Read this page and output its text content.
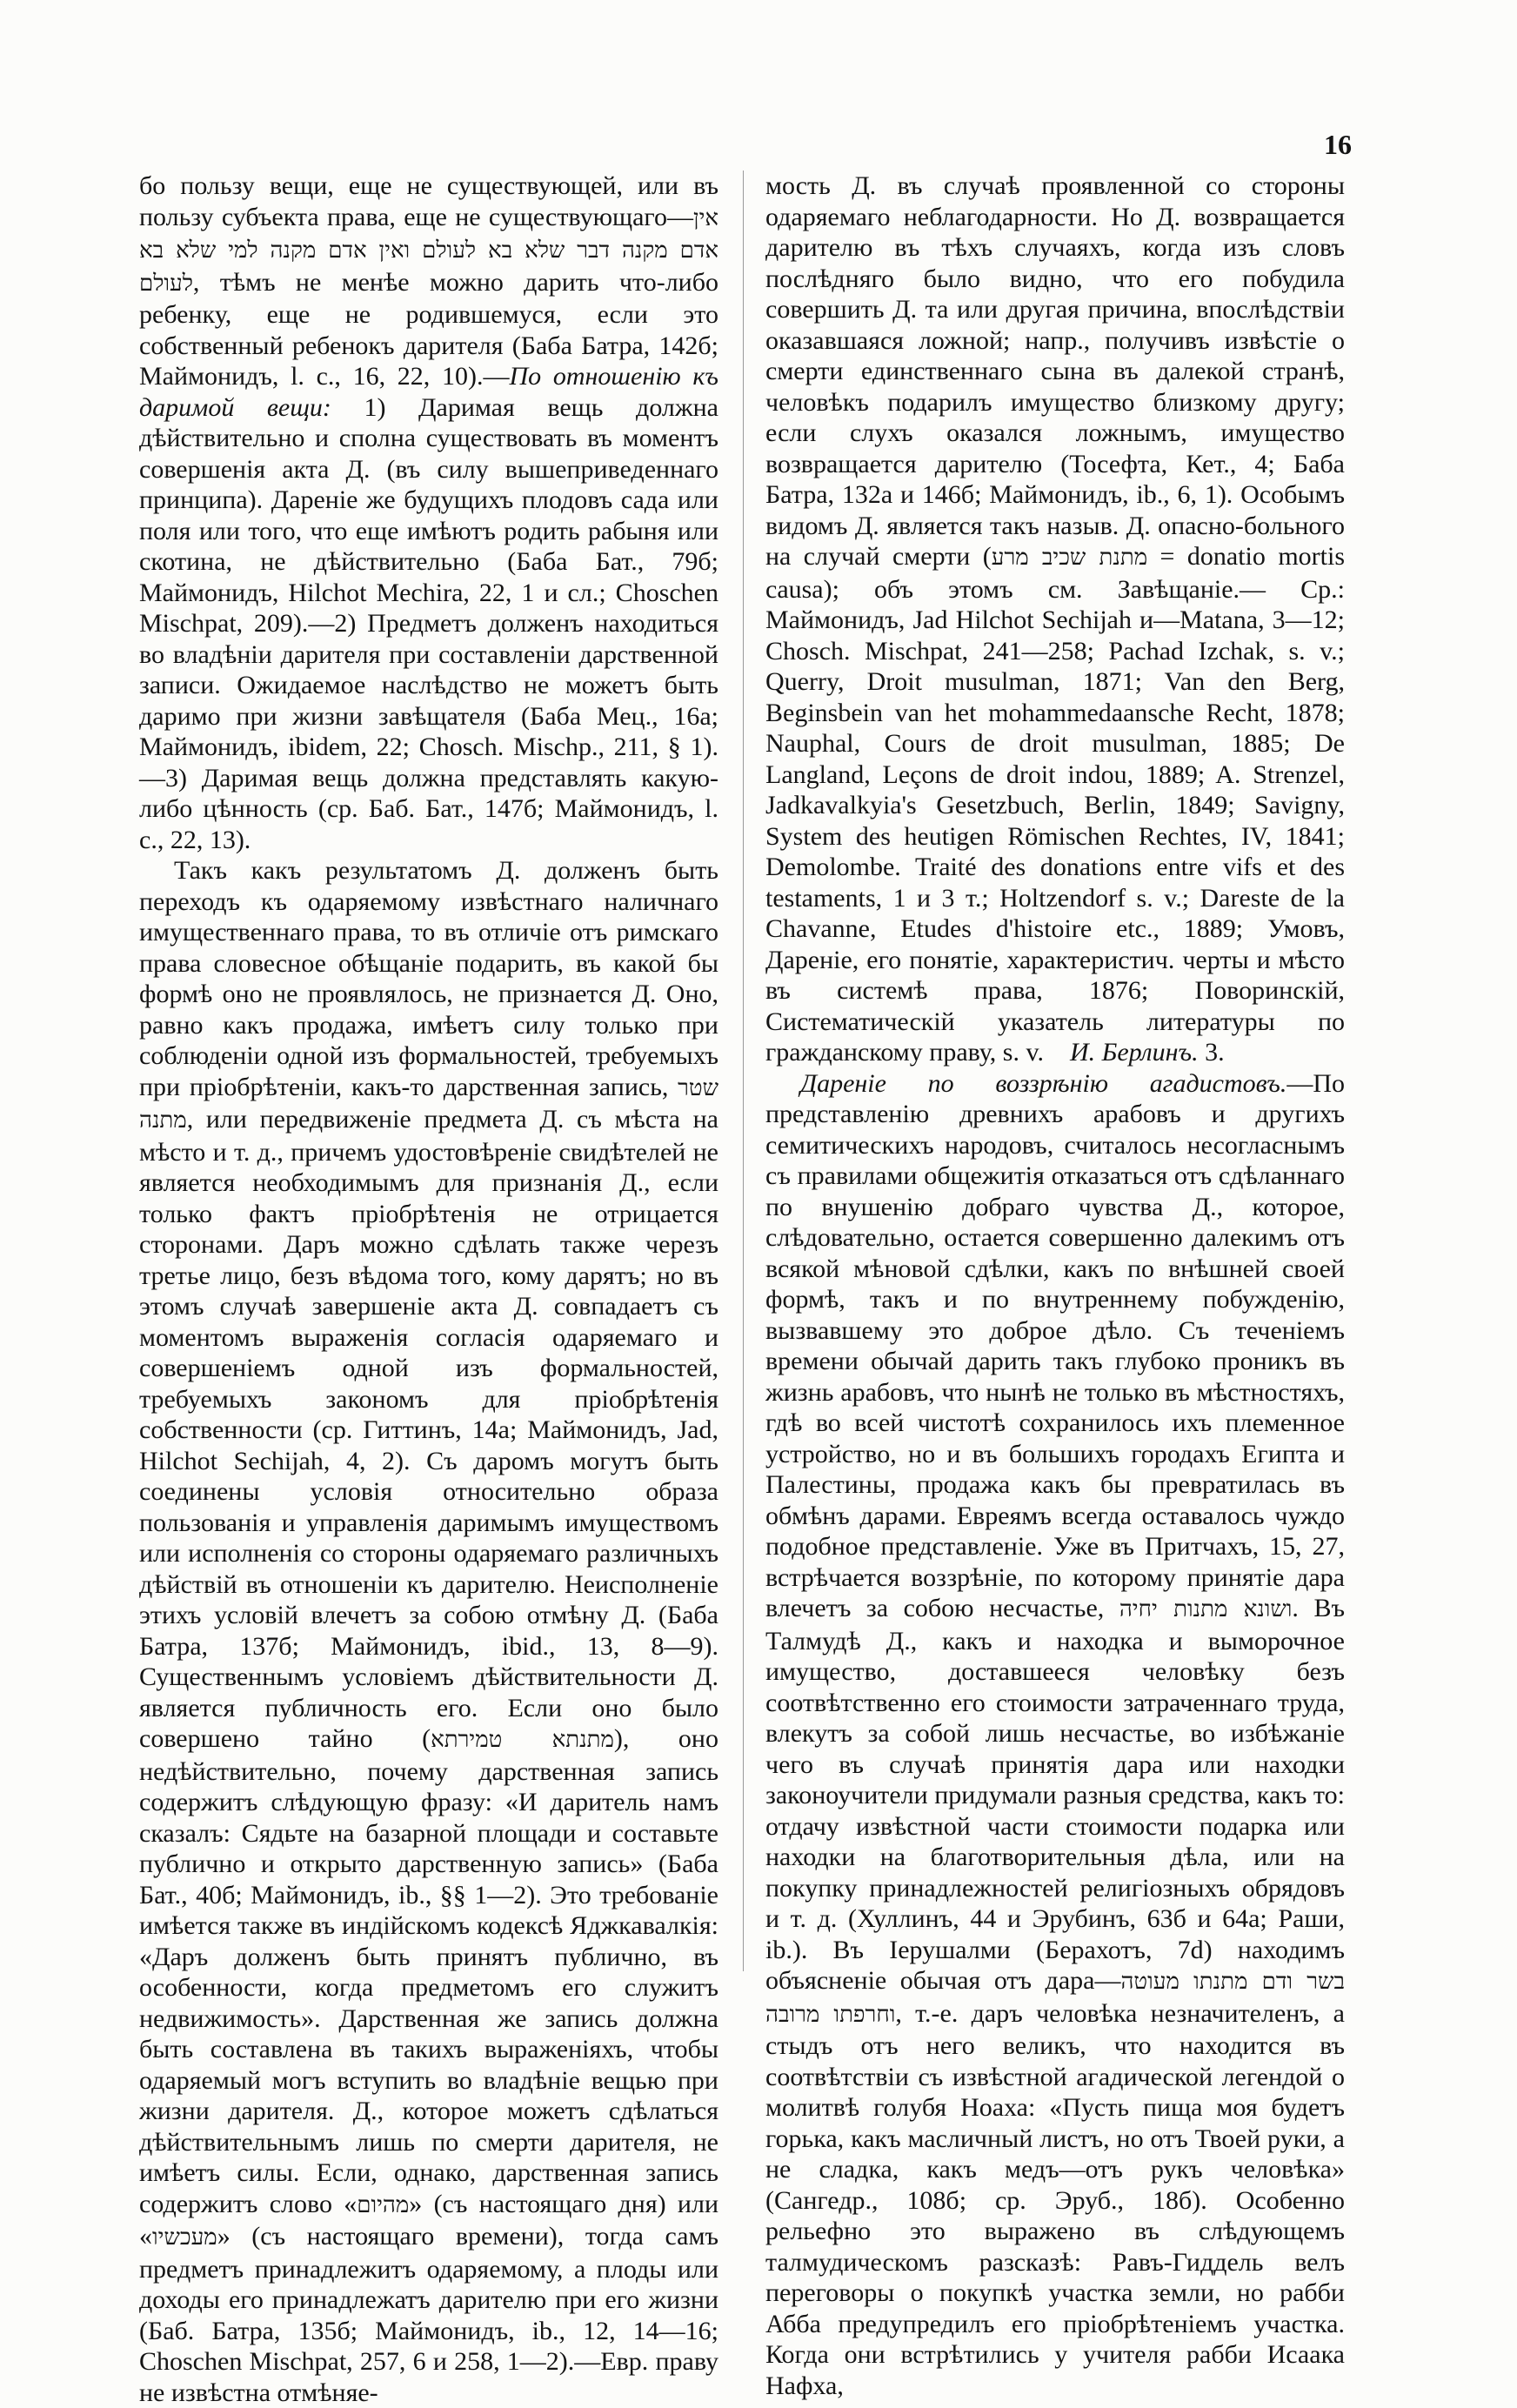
16

бо пользу вещи, еще не существующей, или въ пользу субъекта права, еще не существующаго—אין אדם מקנה דבר שלא בא לעולם ואין אדם מקנה למי שלא בא לעולם, тѣмъ не менѣе можно дарить что-либо ребенку, еще не родившемуся, если это собственный ребенокъ дарителя (Баба Батра, 142б; Маймонидъ, l. c., 16, 22, 10).—По отношенію къ даримой вещи: 1) Даримая вещь должна дѣйствительно и сполна существовать въ моментъ совершенія акта Д. (въ силу вышеприведеннаго принципа). Дареніе же будущихъ плодовъ сада или поля или того, что еще имѣютъ родить рабыня или скотина, не дѣйствительно (Баба Бат., 79б; Маймонидъ, Hilchot Mechira, 22, 1 и сл.; Choschen Mischpat, 209).—2) Предметъ долженъ находиться во владѣніи дарителя при составленіи дарственной записи. Ожидаемое наслѣдство не можетъ быть даримо при жизни завѣщателя (Баба Мец., 16а; Маймонидъ, ibidem, 22; Chosch. Mischp., 211, § 1).—3) Даримая вещь должна представлять какую-либо цѣнность (ср. Баб. Бат., 147б; Маймонидъ, l. c., 22, 13).

Такъ какъ результатомъ Д. долженъ быть переходъ къ одаряемому извѣстнаго наличнаго имущественнаго права, то въ отличіе отъ римскаго права словесное обѣщаніе подарить, въ какой бы формѣ оно не проявлялось, не признается Д. Оно, равно какъ продажа, имѣетъ силу только при соблюденіи одной изъ формальностей, требуемыхъ при пріобрѣтеніи, какъ-то дарственная запись, שטר מתנה, или передвиженіе предмета Д. съ мѣста на мѣсто и т. д., причемъ удостовѣреніе свидѣтелей не является необходимымъ для признанія Д., если только фактъ пріобрѣтенія не отрицается сторонами. Даръ можно сдѣлать также черезъ третье лицо, безъ вѣдома того, кому дарятъ; но въ этомъ случаѣ завершеніе акта Д. совпадаетъ съ моментомъ выраженія согласія одаряемаго и совершеніемъ одной изъ формальностей, требуемыхъ закономъ для пріобрѣтенія собственности (ср. Гиттинъ, 14а; Маймонидъ, Jad, Hilchot Sechijah, 4, 2). Съ даромъ могутъ быть соединены условія относительно образа пользованія и управленія даримымъ имуществомъ или исполненія со стороны одаряемаго различныхъ дѣйствій въ отношеніи къ дарителю. Неисполненіе этихъ условій влечетъ за собою отмѣну Д. (Баба Батра, 137б; Маймонидъ, ibid., 13, 8—9). Существеннымъ условіемъ дѣйствительности Д. является публичность его. Если оно было совершено тайно (מתנתא טמירתא), оно недѣйствительно, почему дарственная запись содержитъ слѣдующую фразу: «И даритель намъ сказалъ: Сядьте на базарной площади и составьте публично и открыто дарственную запись» (Баба Бат., 40б; Маймонидъ, ib., §§ 1—2). Это требованіе имѣется также въ индійскомъ кодексѣ Яджкавалкія: «Даръ долженъ быть принятъ публично, въ особенности, когда предметомъ его служитъ недвижимость». Дарственная же запись должна быть составлена въ такихъ выраженіяхъ, чтобы одаряемый могъ вступить во владѣніе вещью при жизни дарителя. Д., которое можетъ сдѣлаться дѣйствительнымъ лишь по смерти дарителя, не имѣетъ силы. Если, однако, дарственная запись содержитъ слово «מהיום» (съ настоящаго дня) или «מעכשיו» (съ настоящаго времени), тогда самъ предметъ принадлежитъ одаряемому, а плоды или доходы его принадлежатъ дарителю при его жизни (Баб. Батра, 135б; Маймонидъ, ib., 12, 14—16; Choschen Mischpat, 257, 6 и 258, 1—2).—Евр. праву не извѣстна отмѣняе-

мость Д. въ случаѣ проявленной со стороны одаряемаго неблагодарности. Но Д. возвращается дарителю въ тѣхъ случаяхъ, когда изъ словъ послѣдняго было видно, что его побудила совершить Д. та или другая причина, впослѣдствіи оказавшаяся ложной; напр., получивъ извѣстіе о смерти единственнаго сына въ далекой странѣ, человѣкъ подарилъ имущество близкому другу; если слухъ оказался ложнымъ, имущество возвращается дарителю (Тосефта, Кет., 4; Баба Батра, 132а и 146б; Маймонидъ, ib., 6, 1). Особымъ видомъ Д. является такъ назыв. Д. опасно-больного на случай смерти (מתנת שכיב מרע = donatio mortis causa); объ этомъ см. Завѣщаніе.— Ср.: Маймонидъ, Jad Hilchot Sechijah и—Matana, 3—12; Chosch. Mischpat, 241—258; Pachad Izchak, s. v.; Querry, Droit musulman, 1871; Van den Berg, Beginsbein van het mohammedaansche Recht, 1878; Nauphal, Cours de droit musulman, 1885; De Langland, Leçons de droit indou, 1889; A. Strenzel, Jadkavalkyia's Gesetzbuch, Berlin, 1849; Savigny, System des heutigen Römischen Rechtes, IV, 1841; Demolombe. Traité des donations entre vifs et des testaments, 1 и 3 т.; Holtzendorf s. v.; Dareste de la Chavanne, Etudes d'histoire etc., 1889; Умовъ, Дареніе, его понятіе, характеристич. черты и мѣсто въ системѣ права, 1876; Поворинскій, Систематическій указатель литературы по гражданскому праву, s. v. И. Берлинъ. 3.

Дареніе по воззрѣнію агадистовъ.—По представленію древнихъ арабовъ и другихъ семитическихъ народовъ, считалось несогласнымъ съ правилами общежитія отказаться отъ сдѣланнаго по внушенію добраго чувства Д., которое, слѣдовательно, остается совершенно далекимъ отъ всякой мѣновой сдѣлки, какъ по внѣшней своей формѣ, такъ и по внутреннему побужденію, вызвавшему это доброе дѣло. Съ теченіемъ времени обычай дарить такъ глубоко проникъ въ жизнь арабовъ, что нынѣ не только въ мѣстностяхъ, гдѣ во всей чистотѣ сохранилось ихъ племенное устройство, но и въ большихъ городахъ Египта и Палестины, продажа какъ бы превратилась въ обмѣнъ дарами. Евреямъ всегда оставалось чуждо подобное представленіе. Уже въ Притчахъ, 15, 27, встрѣчается воззрѣніе, по которому принятіе дара влечетъ за собою несчастье, ושונא מתנות יחיה. Въ Талмудѣ Д., какъ и находка и выморочное имущество, доставшееся человѣку безъ соотвѣтственно его стоимости затраченнаго труда, влекутъ за собой лишь несчастье, во избѣжаніе чего въ случаѣ принятія дара или находки законоучители придумали разныя средства, какъ то: отдачу извѣстной части стоимости подарка или находки на благотворительныя дѣла, или на покупку принадлежностей религіозныхъ обрядовъ и т. д. (Хуллинъ, 44 и Эрубинъ, 63б и 64а; Раши, ib.). Въ Іерушалми (Берахотъ, 7d) находимъ объясненіе обычая отъ дара—בשר ודם מתנתו מעוטה וחרפתו מרובה, т.-е. даръ человѣка незначителенъ, а стыдъ отъ него великъ, что находится въ соотвѣтствіи съ извѣстной агадической легендой о молитвѣ голубя Ноаха: «Пусть пища моя будетъ горька, какъ масличный листъ, но отъ Твоей руки, а не сладка, какъ медъ—отъ рукъ человѣка» (Сангедр., 108б; ср. Эруб., 18б). Особенно рельефно это выражено въ слѣдующемъ талмудическомъ разсказѣ: Равъ-Гиддель велъ переговоры о покупкѣ участка земли, но рабби Абба предупредилъ его пріобрѣтеніемъ участка. Когда они встрѣтились у учителя рабби Исаака Нафха,
